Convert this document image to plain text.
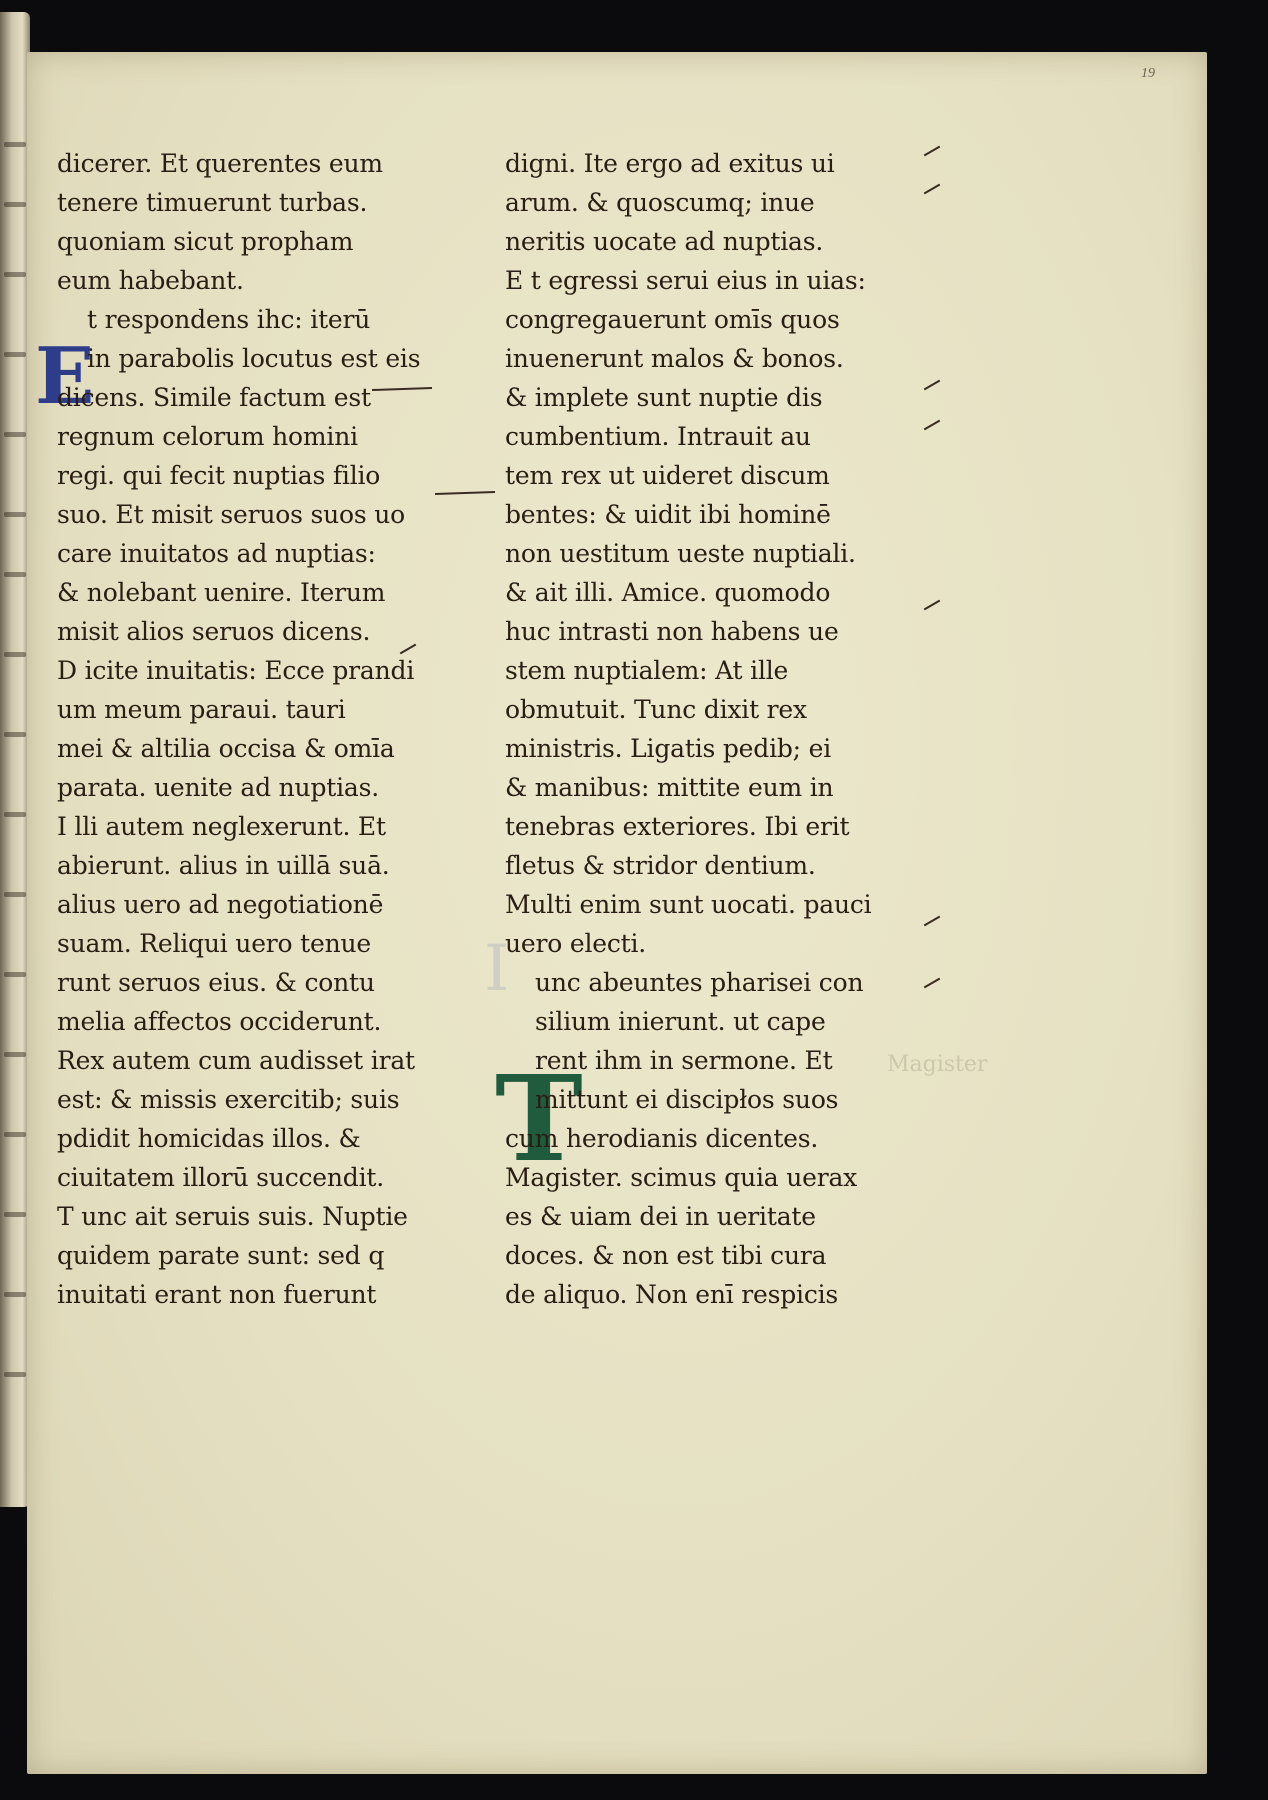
19
I
Magister
E
T
dicerer. Et querentes eum
tenere timuerunt turbas.
quoniam sicut propham
eum habebant.
t respondens ihc: iterū
in parabolis locutus est eis
dicens. Simile factum est
regnum celorum homini
regi. qui fecit nuptias filio
suo. Et misit seruos suos uo
care inuitatos ad nuptias:
& nolebant uenire. Iterum
misit alios seruos dicens.
D icite inuitatis: Ecce prandi
um meum paraui. tauri
mei & altilia occisa & omīa
parata. uenite ad nuptias.
I lli autem neglexerunt. Et
abierunt. alius in uillā suā.
alius uero ad negotiationē
suam. Reliqui uero tenue
runt seruos eius. & contu
melia affectos occiderunt.
Rex autem cum audisset irat
est: & missis exercitib; suis
pdidit homicidas illos. &
ciuitatem illorū succendit.
T unc ait seruis suis. Nuptie
quidem parate sunt: sed q
inuitati erant non fuerunt
digni. Ite ergo ad exitus ui
arum. & quoscumq; inue
neritis uocate ad nuptias.
E t egressi serui eius in uias:
congregauerunt omīs quos
inuenerunt malos & bonos.
& implete sunt nuptie dis
cumbentium. Intrauit au
tem rex ut uideret discum
bentes: & uidit ibi hominē
non uestitum ueste nuptiali.
& ait illi. Amice. quomodo
huc intrasti non habens ue
stem nuptialem: At ille
obmutuit. Tunc dixit rex
ministris. Ligatis pedib; ei
& manibus: mittite eum in
tenebras exteriores. Ibi erit
fletus & stridor dentium.
Multi enim sunt uocati. pauci
uero electi.
unc abeuntes pharisei con
silium inierunt. ut cape
rent ihm in sermone. Et
mittunt ei discipłos suos
cum herodianis dicentes.
Magister. scimus quia uerax
es & uiam dei in ueritate
doces. & non est tibi cura
de aliquo. Non enī respicis
